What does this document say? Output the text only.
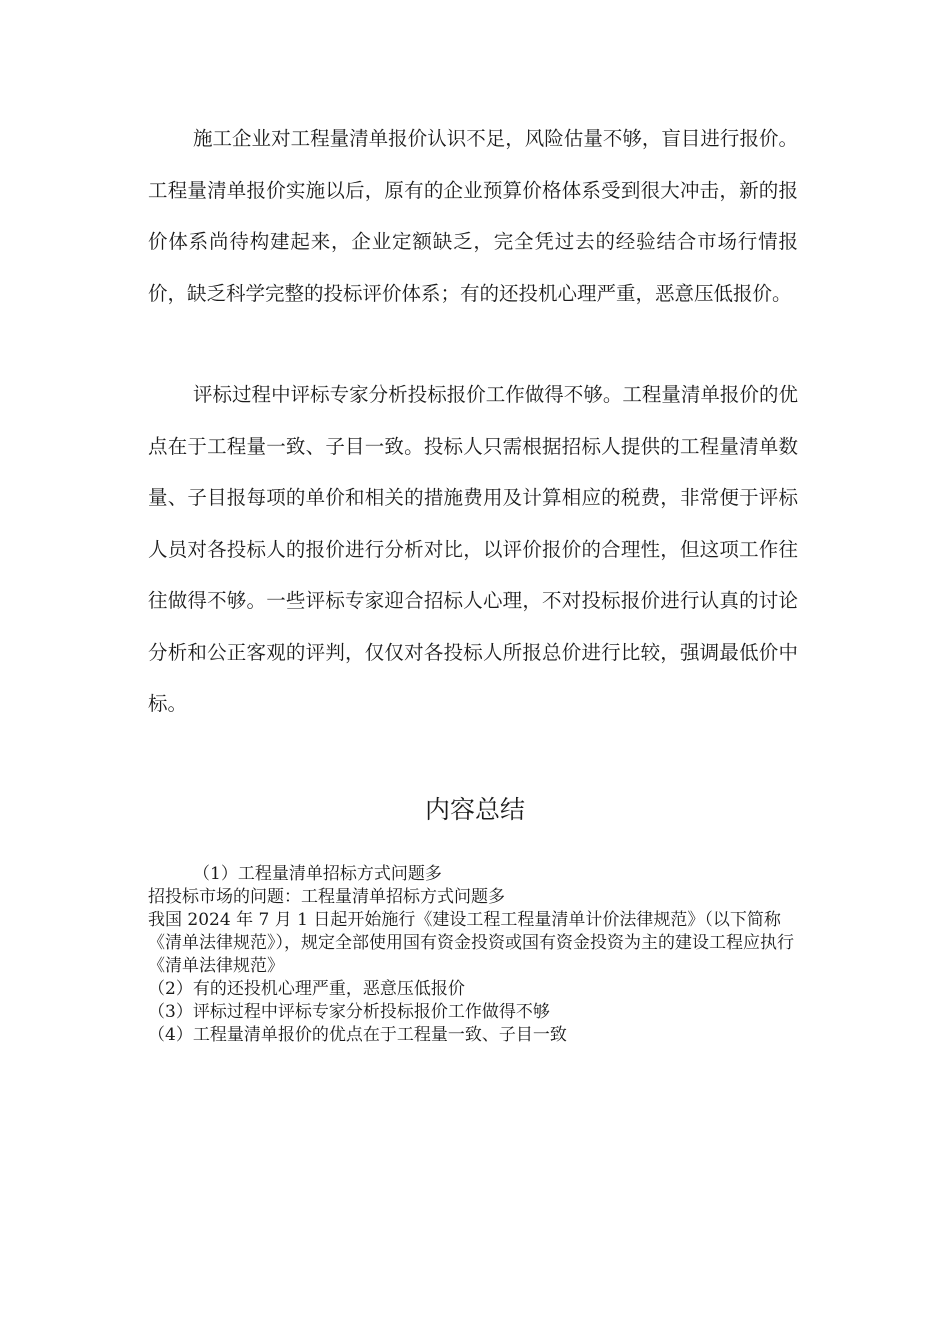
施工企业对工程量清单报价认识不足，风险估量不够，盲目进行报价。工程量清单报价实施以后，原有的企业预算价格体系受到很大冲击，新的报价体系尚待构建起来，企业定额缺乏，完全凭过去的经验结合市场行情报价，缺乏科学完整的投标评价体系；有的还投机心理严重，恶意压低报价。

评标过程中评标专家分析投标报价工作做得不够。工程量清单报价的优点在于工程量一致、子目一致。投标人只需根据招标人提供的工程量清单数量、子目报每项的单价和相关的措施费用及计算相应的税费，非常便于评标人员对各投标人的报价进行分析对比，以评价报价的合理性，但这项工作往往做得不够。一些评标专家迎合招标人心理，不对投标报价进行认真的讨论分析和公正客观的评判，仅仅对各投标人所报总价进行比较，强调最低价中标。

内容总结

（1）工程量清单招标方式问题多

招投标市场的问题：工程量清单招标方式问题多

我国 2024 年 7 月 1 日起开始施行《建设工程工程量清单计价法律规范》（以下简称《清单法律规范》），规定全部使用国有资金投资或国有资金投资为主的建设工程应执行《清单法律规范》

（2）有的还投机心理严重，恶意压低报价

（3）评标过程中评标专家分析投标报价工作做得不够

（4）工程量清单报价的优点在于工程量一致、子目一致
